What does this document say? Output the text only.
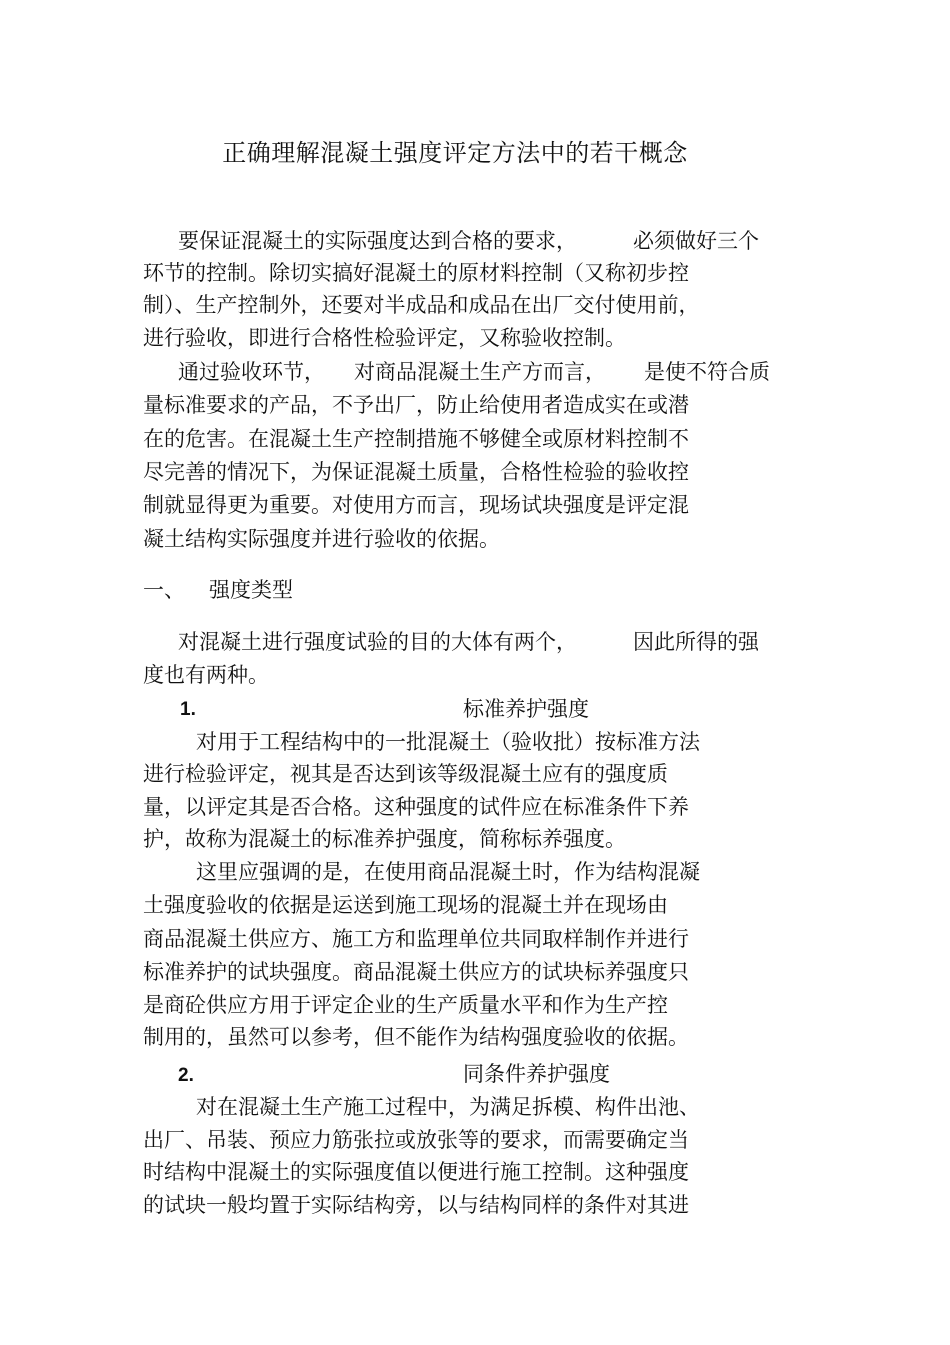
正确理解混凝土强度评定方法中的若干概念
要保证混凝土的实际强度达到合格的要求，	必须做好三个
环节的控制。除切实搞好混凝土的原材料控制（又称初步控
制）、生产控制外，还要对半成品和成品在出厂交付使用前，
进行验收，即进行合格性检验评定，又称验收控制。
通过验收环节， 对商品混凝土生产方而言， 是使不符合质
量标准要求的产品，不予出厂，防止给使用者造成实在或潜
在的危害。在混凝土生产控制措施不够健全或原材料控制不
尽完善的情况下，为保证混凝土质量，合格性检验的验收控
制就显得更为重要。对使用方而言，现场试块强度是评定混
凝土结构实际强度并进行验收的依据。
一、 强度类型
对混凝土进行强度试验的目的大体有两个，	因此所得的强
度也有两种。
1.	标准养护强度
对用于工程结构中的一批混凝土（验收批）按标准方法
进行检验评定，视其是否达到该等级混凝土应有的强度质
量，以评定其是否合格。这种强度的试件应在标准条件下养
护，故称为混凝土的标准养护强度，简称标养强度。
这里应强调的是，在使用商品混凝土时，作为结构混凝
土强度验收的依据是运送到施工现场的混凝土并在现场由
商品混凝土供应方、施工方和监理单位共同取样制作并进行
标准养护的试块强度。商品混凝土供应方的试块标养强度只
是商砼供应方用于评定企业的生产质量水平和作为生产控
制用的，虽然可以参考，但不能作为结构强度验收的依据。
2.	同条件养护强度
对在混凝土生产施工过程中，为满足拆模、构件出池、
出厂、吊装、预应力筋张拉或放张等的要求，而需要确定当
时结构中混凝土的实际强度值以便进行施工控制。这种强度
的试块一般均置于实际结构旁，以与结构同样的条件对其进
